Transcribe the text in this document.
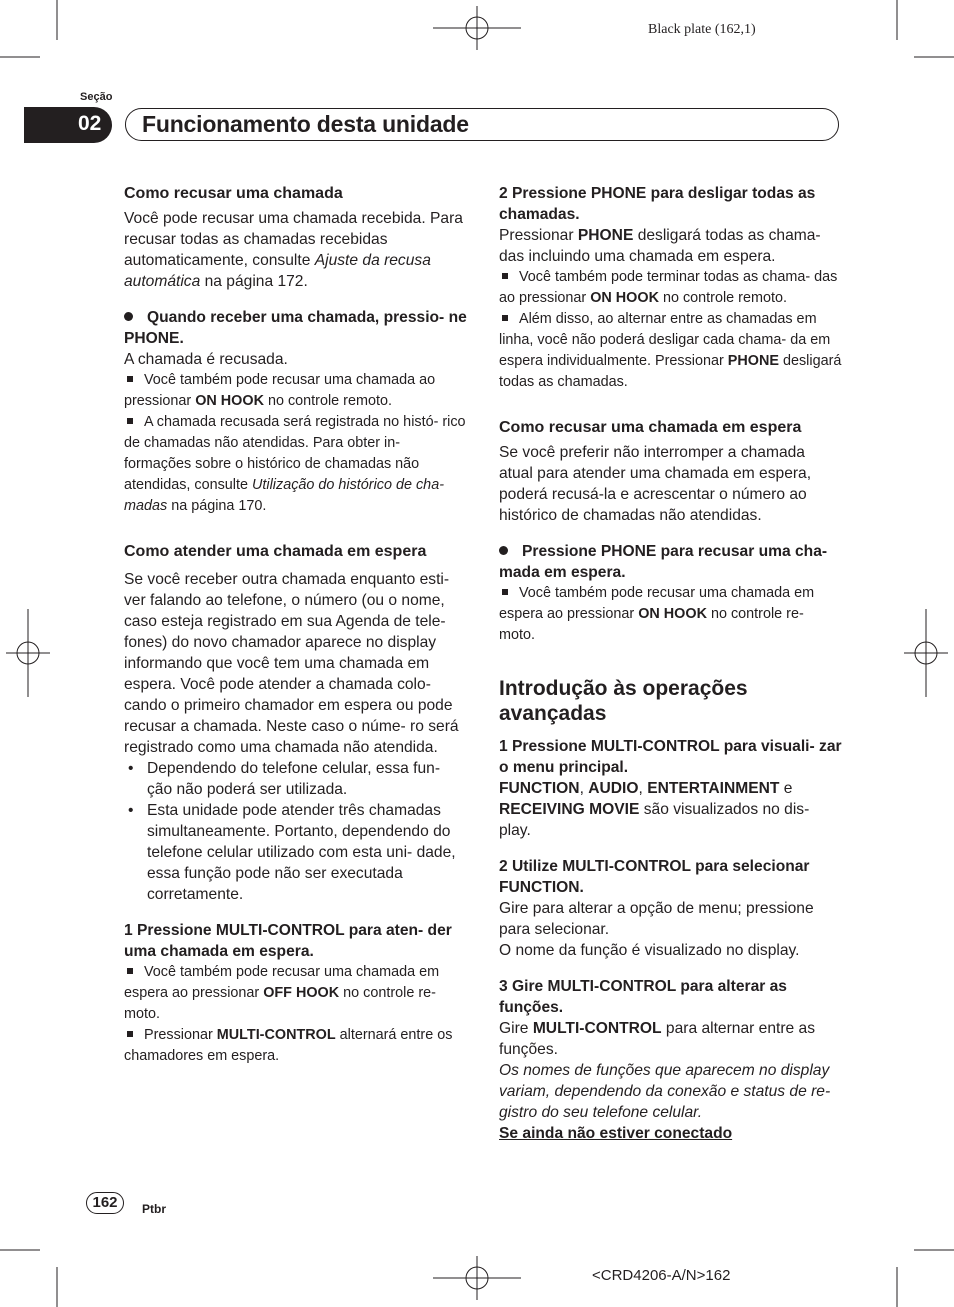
Black plate (162,1)
Seção
02 Funcionamento desta unidade

Como recusar uma chamada

Você pode recusar uma chamada recebida. Para recusar todas as chamadas recebidas automaticamente, consulte Ajuste da recusa automática na página 172.

Quando receber uma chamada, pressio- ne PHONE.

A chamada é recusada.

Você também pode recusar uma chamada ao pressionar ON HOOK no controle remoto.

A chamada recusada será registrada no histó- rico de chamadas não atendidas. Para obter in- formações sobre o histórico de chamadas não atendidas, consulte Utilização do histórico de cha- madas na página 170.

Como atender uma chamada em espera

Se você receber outra chamada enquanto esti- ver falando ao telefone, o número (ou o nome, caso esteja registrado em sua Agenda de tele- fones) do novo chamador aparece no display informando que você tem uma chamada em espera. Você pode atender a chamada colo- cando o primeiro chamador em espera ou pode recusar a chamada. Neste caso o núme- ro será registrado como uma chamada não atendida.

• Dependendo do telefone celular, essa fun- ção não poderá ser utilizada.

• Esta unidade pode atender três chamadas simultaneamente. Portanto, dependendo do telefone celular utilizado com esta uni- dade, essa função pode não ser executada corretamente.

1 Pressione MULTI-CONTROL para aten- der uma chamada em espera.

Você também pode recusar uma chamada em espera ao pressionar OFF HOOK no controle re- moto.

Pressionar MULTI-CONTROL alternará entre os chamadores em espera.

2 Pressione PHONE para desligar todas as chamadas.

Pressionar PHONE desligará todas as chama- das incluindo uma chamada em espera.

Você também pode terminar todas as chama- das ao pressionar ON HOOK no controle remoto.

Além disso, ao alternar entre as chamadas em linha, você não poderá desligar cada chama- da em espera individualmente. Pressionar PHONE desligará todas as chamadas.

Como recusar uma chamada em espera

Se você preferir não interromper a chamada atual para atender uma chamada em espera, poderá recusá-la e acrescentar o número ao histórico de chamadas não atendidas.

Pressione PHONE para recusar uma cha- mada em espera.

Você também pode recusar uma chamada em espera ao pressionar ON HOOK no controle re- moto.

Introdução às operações avançadas

1 Pressione MULTI-CONTROL para visuali- zar o menu principal.

FUNCTION, AUDIO, ENTERTAINMENT e RECEIVING MOVIE são visualizados no dis- play.

2 Utilize MULTI-CONTROL para selecionar FUNCTION.

Gire para alterar a opção de menu; pressione para selecionar.

O nome da função é visualizado no display.

3 Gire MULTI-CONTROL para alterar as funções.

Gire MULTI-CONTROL para alternar entre as funções.

Os nomes de funções que aparecem no display variam, dependendo da conexão e status de re- gistro do seu telefone celular.

Se ainda não estiver conectado

162	Ptbr
<CRD4206-A/N>162
